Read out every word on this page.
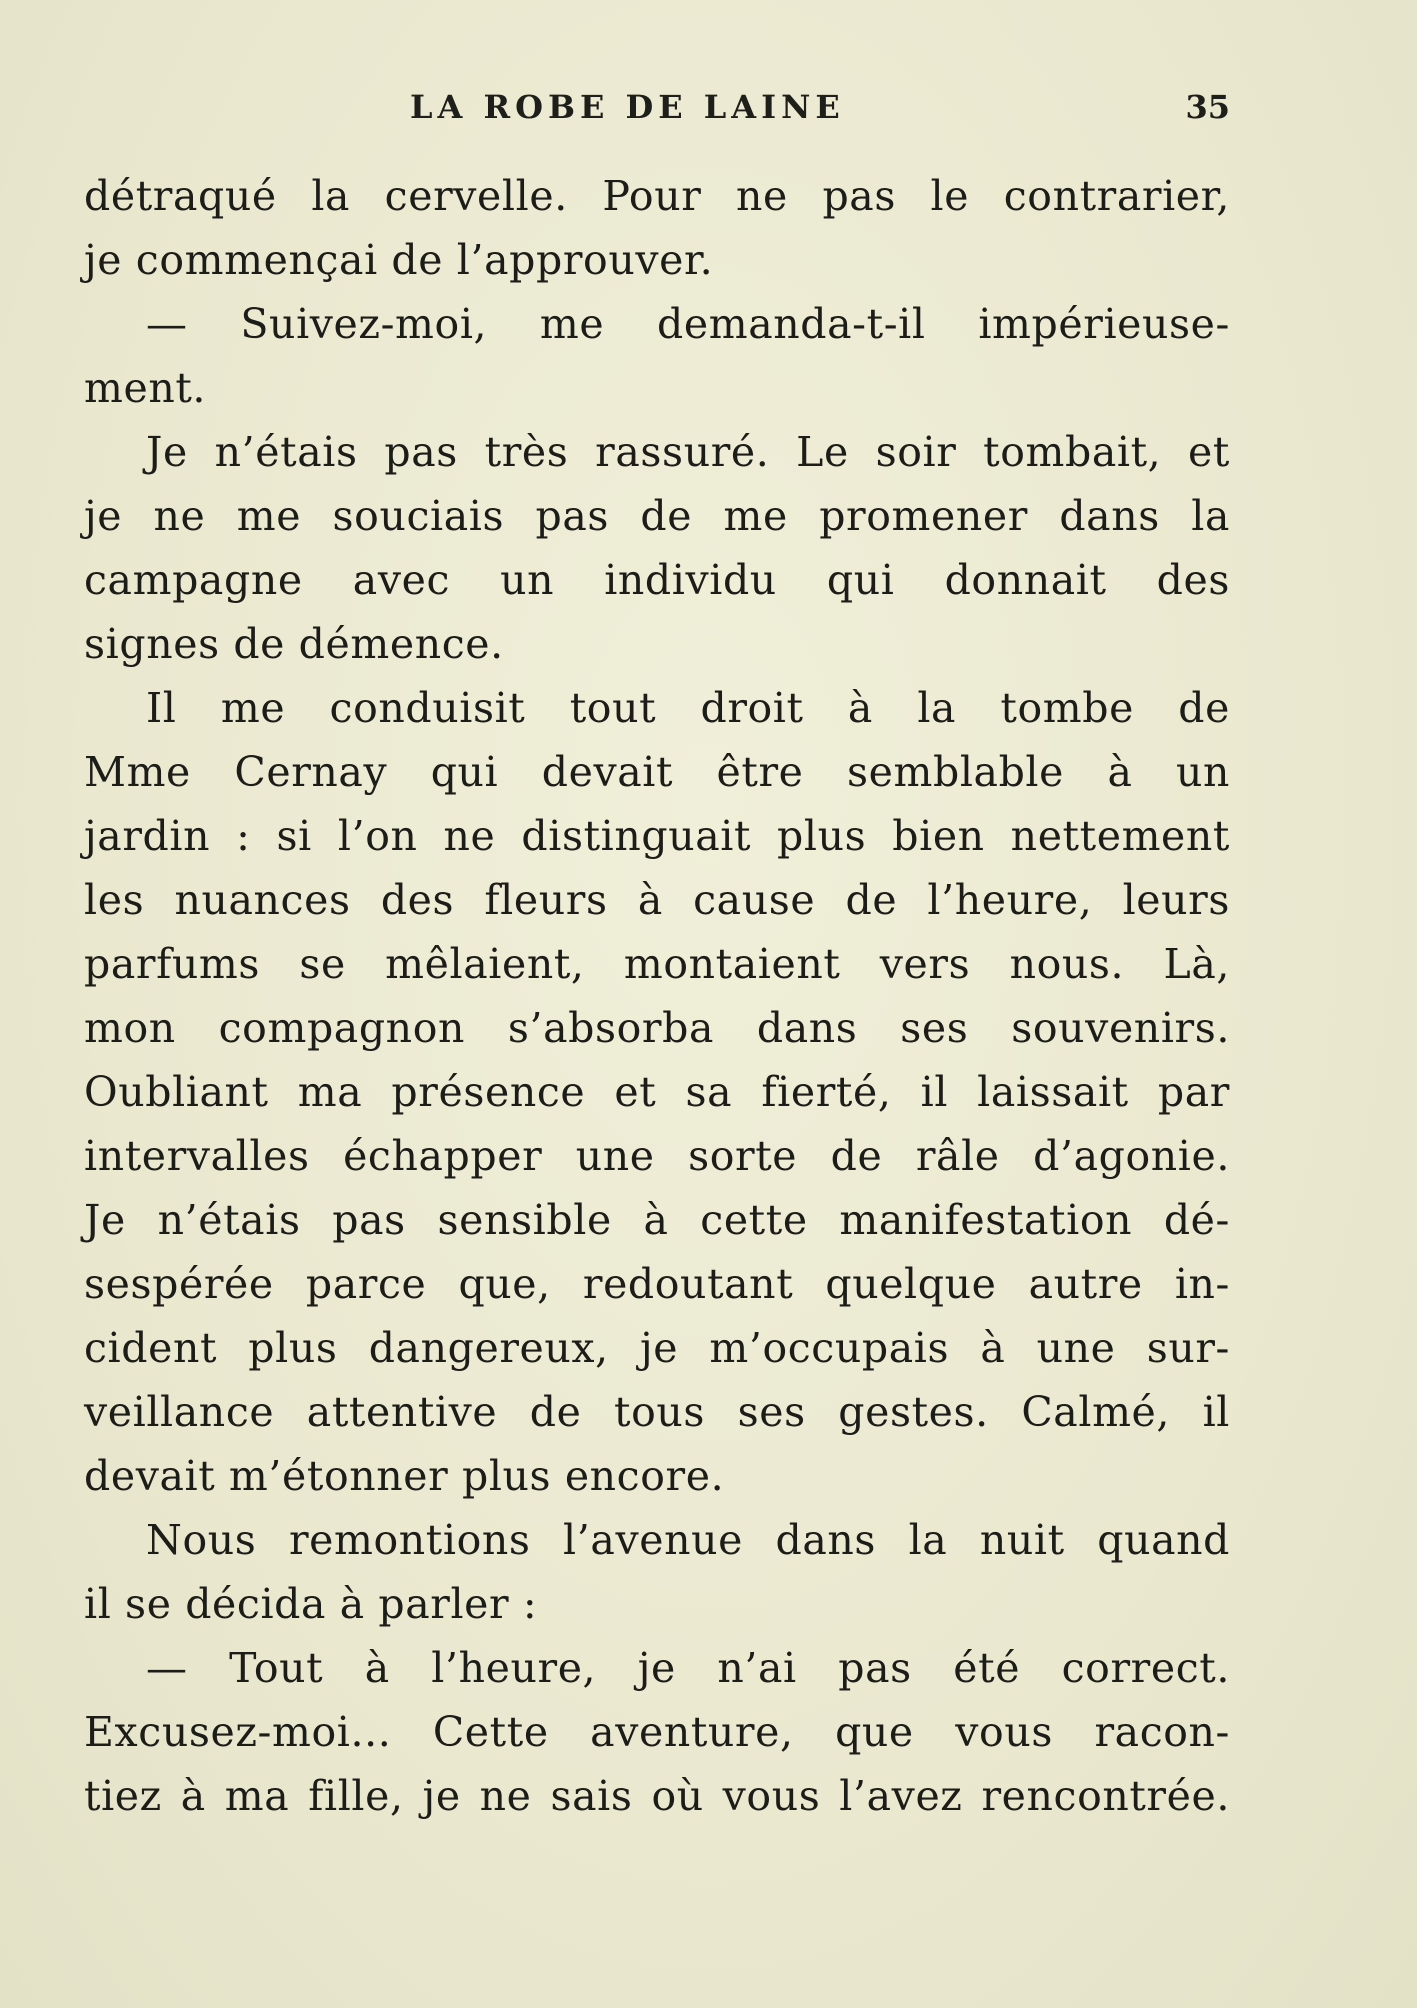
LA ROBE DE LAINE	35
détraqué la cervelle. Pour ne pas le contrarier,
je commençai de l’approuver.
— Suivez-moi, me demanda-t-il impérieuse-
ment.
Je n’étais pas très rassuré. Le soir tombait, et
je ne me souciais pas de me promener dans la
campagne avec un individu qui donnait des
signes de démence.
Il me conduisit tout droit à la tombe de
Mme Cernay qui devait être semblable à un
jardin : si l’on ne distinguait plus bien nettement
les nuances des fleurs à cause de l’heure, leurs
parfums se mêlaient, montaient vers nous. Là,
mon compagnon s’absorba dans ses souvenirs.
Oubliant ma présence et sa fierté, il laissait par
intervalles échapper une sorte de râle d’agonie.
Je n’étais pas sensible à cette manifestation dé-
sespérée parce que, redoutant quelque autre in-
cident plus dangereux, je m’occupais à une sur-
veillance attentive de tous ses gestes. Calmé, il
devait m’étonner plus encore.
Nous remontions l’avenue dans la nuit quand
il se décida à parler :
— Tout à l’heure, je n’ai pas été correct.
Excusez-moi... Cette aventure, que vous racon-
tiez à ma fille, je ne sais où vous l’avez rencontrée.
